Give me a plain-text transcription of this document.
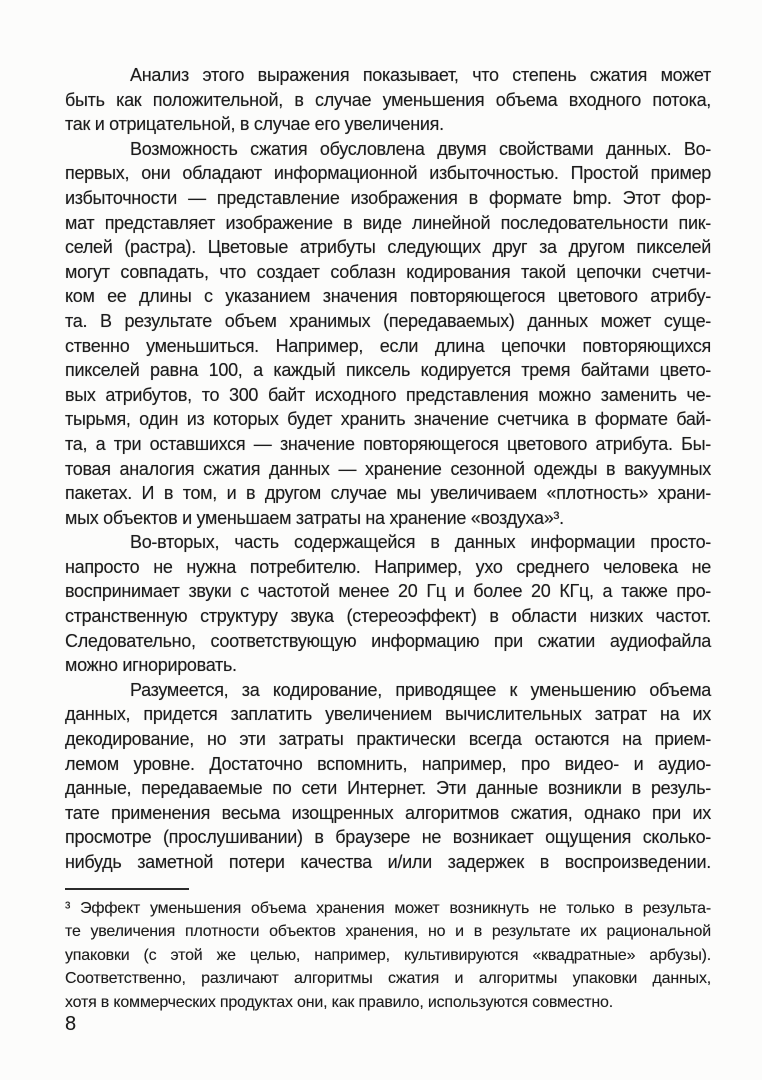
Анализ этого выражения показывает, что степень сжатия может
быть как положительной, в случае уменьшения объема входного потока,
так и отрицательной, в случае его увеличения.
Возможность сжатия обусловлена двумя свойствами данных. Во-
первых, они обладают информационной избыточностью. Простой пример
избыточности — представление изображения в формате bmp. Этот фор-
мат представляет изображение в виде линейной последовательности пик-
селей (растра). Цветовые атрибуты следующих друг за другом пикселей
могут совпадать, что создает соблазн кодирования такой цепочки счетчи-
ком ее длины с указанием значения повторяющегося цветового атрибу-
та. В результате объем хранимых (передаваемых) данных может суще-
ственно уменьшиться. Например, если длина цепочки повторяющихся
пикселей равна 100, а каждый пиксель кодируется тремя байтами цвето-
вых атрибутов, то 300 байт исходного представления можно заменить че-
тырьмя, один из которых будет хранить значение счетчика в формате бай-
та, а три оставшихся — значение повторяющегося цветового атрибута. Бы-
товая аналогия сжатия данных — хранение сезонной одежды в вакуумных
пакетах. И в том, и в другом случае мы увеличиваем «плотность» храни-
мых объектов и уменьшаем затраты на хранение «воздуха»³.
Во-вторых, часть содержащейся в данных информации просто-
напросто не нужна потребителю. Например, ухо среднего человека не
воспринимает звуки с частотой менее 20 Гц и более 20 КГц, а также про-
странственную структуру звука (стереоэффект) в области низких частот.
Следовательно, соответствующую информацию при сжатии аудиофайла
можно игнорировать.
Разумеется, за кодирование, приводящее к уменьшению объема
данных, придется заплатить увеличением вычислительных затрат на их
декодирование, но эти затраты практически всегда остаются на прием-
лемом уровне. Достаточно вспомнить, например, про видео- и аудио-
данные, передаваемые по сети Интернет. Эти данные возникли в резуль-
тате применения весьма изощренных алгоритмов сжатия, однако при их
просмотре (прослушивании) в браузере не возникает ощущения сколько-
нибудь заметной потери качества и/или задержек в воспроизведении.
³ Эффект уменьшения объема хранения может возникнуть не только в результа-
те увеличения плотности объектов хранения, но и в результате их рациональной
упаковки (с этой же целью, например, культивируются «квадратные» арбузы).
Соответственно, различают алгоритмы сжатия и алгоритмы упаковки данных,
хотя в коммерческих продуктах они, как правило, используются совместно.
8
